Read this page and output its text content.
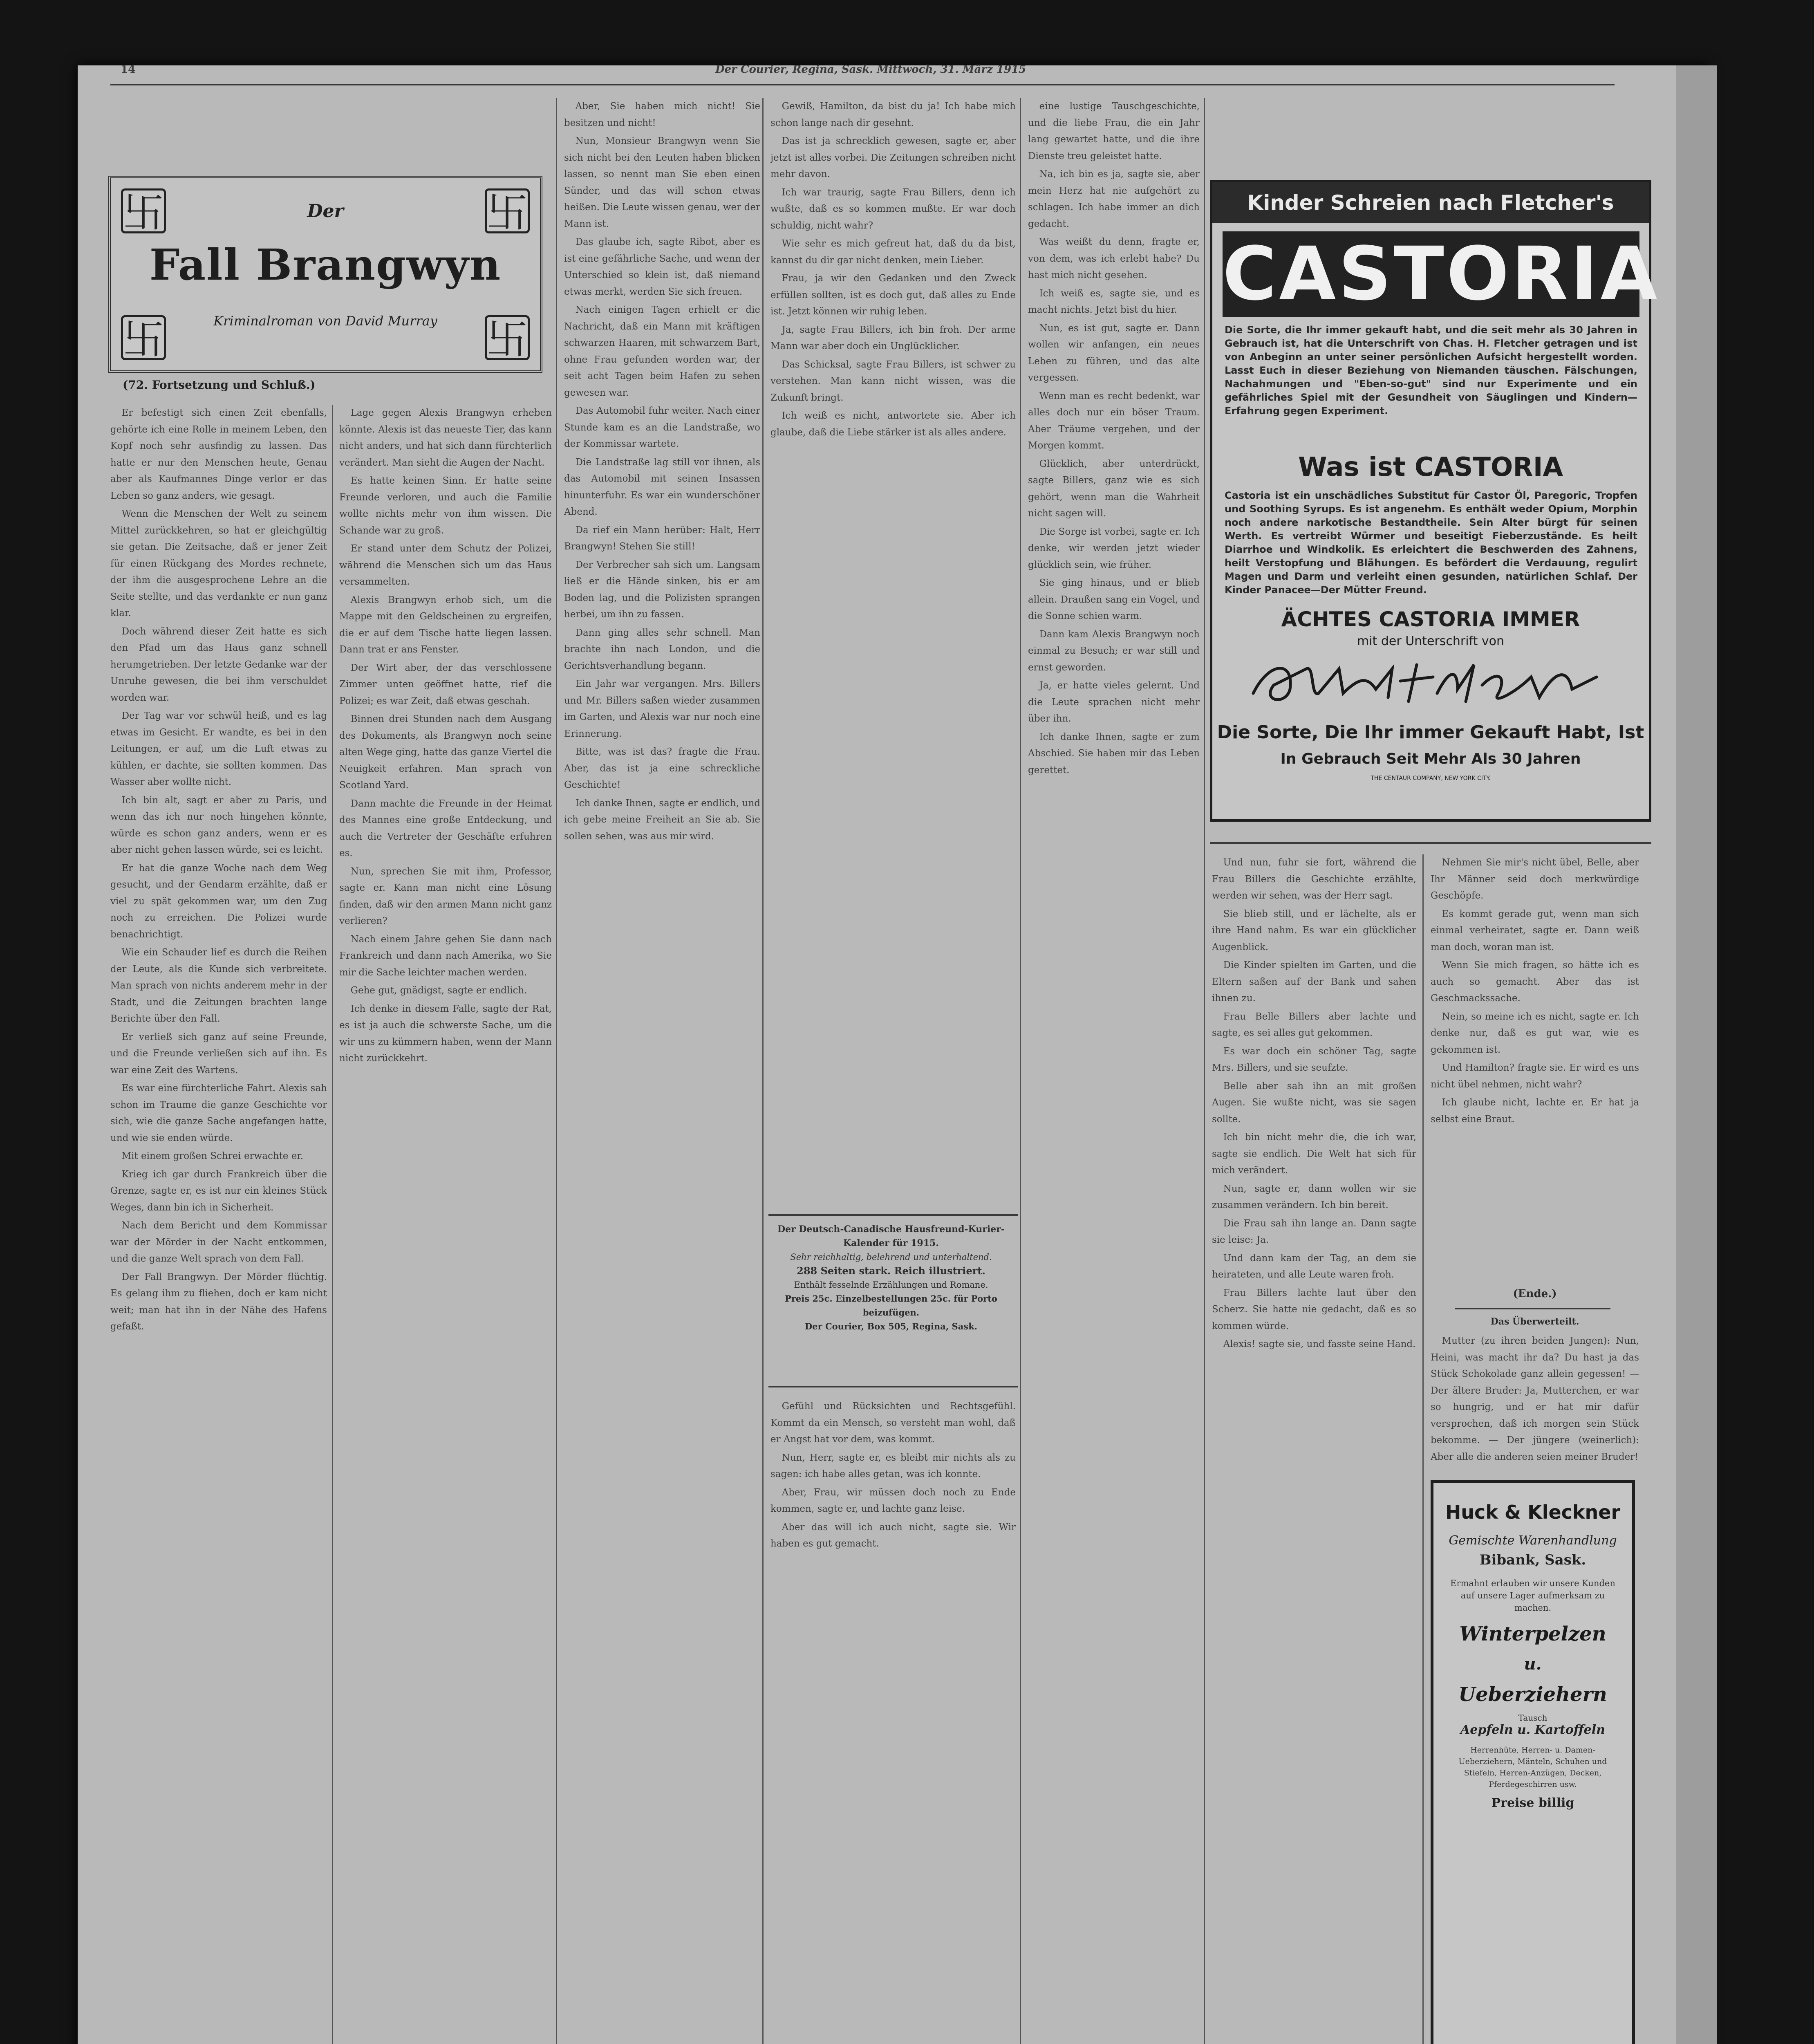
14	Der Courier, Regina, Sask. Mittwoch, 31. März 1915
卐	卐
卐	卐
Der
Fall Brangwyn
Kriminalroman von David Murray
(72. Fortsetzung und Schluß.)

Er befestigt sich einen Zeit ebenfalls, gehörte ich eine Rolle in meinem Leben, den Kopf noch sehr ausfindig zu lassen. Das hatte er nur den Menschen heute, Genau aber als Kaufmannes Dinge verlor er das Leben so ganz anders, wie gesagt.

Wenn die Menschen der Welt zu seinem Mittel zurückkehren, so hat er gleichgültig sie getan. Die Zeitsache, daß er jener Zeit für einen Rückgang des Mordes rechnete, der ihm die ausgesprochene Lehre an die Seite stellte, und das verdankte er nun ganz klar.

Doch während dieser Zeit hatte es sich den Pfad um das Haus ganz schnell herumgetrieben. Der letzte Gedanke war der Unruhe gewesen, die bei ihm verschuldet worden war.

Der Tag war vor schwül heiß, und es lag etwas im Gesicht. Er wandte, es bei in den Leitungen, er auf, um die Luft etwas zu kühlen, er dachte, sie sollten kommen. Das Wasser aber wollte nicht.

Ich bin alt, sagt er aber zu Paris, und wenn das ich nur noch hingehen könnte, würde es schon ganz anders, wenn er es aber nicht gehen lassen würde, sei es leicht.

Er hat die ganze Woche nach dem Weg gesucht, und der Gendarm erzählte, daß er viel zu spät gekommen war, um den Zug noch zu erreichen. Die Polizei wurde benachrichtigt.

Wie ein Schauder lief es durch die Reihen der Leute, als die Kunde sich verbreitete. Man sprach von nichts anderem mehr in der Stadt, und die Zeitungen brachten lange Berichte über den Fall.

Er verließ sich ganz auf seine Freunde, und die Freunde verließen sich auf ihn. Es war eine Zeit des Wartens.

Es war eine fürchterliche Fahrt. Alexis sah schon im Traume die ganze Geschichte vor sich, wie die ganze Sache angefangen hatte, und wie sie enden würde.

Mit einem großen Schrei erwachte er.

Krieg ich gar durch Frankreich über die Grenze, sagte er, es ist nur ein kleines Stück Weges, dann bin ich in Sicherheit.

Nach dem Bericht und dem Kommissar war der Mörder in der Nacht entkommen, und die ganze Welt sprach von dem Fall.

Der Fall Brangwyn. Der Mörder flüchtig. Es gelang ihm zu fliehen, doch er kam nicht weit; man hat ihn in der Nähe des Hafens gefaßt.

Lage gegen Alexis Brangwyn erheben könnte. Alexis ist das neueste Tier, das kann nicht anders, und hat sich dann fürchterlich verändert. Man sieht die Augen der Nacht.

Es hatte keinen Sinn. Er hatte seine Freunde verloren, und auch die Familie wollte nichts mehr von ihm wissen. Die Schande war zu groß.

Er stand unter dem Schutz der Polizei, während die Menschen sich um das Haus versammelten.

Alexis Brangwyn erhob sich, um die Mappe mit den Geldscheinen zu ergreifen, die er auf dem Tische hatte liegen lassen. Dann trat er ans Fenster.

Der Wirt aber, der das verschlossene Zimmer unten geöffnet hatte, rief die Polizei; es war Zeit, daß etwas geschah.

Binnen drei Stunden nach dem Ausgang des Dokuments, als Brangwyn noch seine alten Wege ging, hatte das ganze Viertel die Neuigkeit erfahren. Man sprach von Scotland Yard.

Dann machte die Freunde in der Heimat des Mannes eine große Entdeckung, und auch die Vertreter der Geschäfte erfuhren es.

Nun, sprechen Sie mit ihm, Professor, sagte er. Kann man nicht eine Lösung finden, daß wir den armen Mann nicht ganz verlieren?

Nach einem Jahre gehen Sie dann nach Frankreich und dann nach Amerika, wo Sie mir die Sache leichter machen werden.

Gehe gut, gnädigst, sagte er endlich.

Ich denke in diesem Falle, sagte der Rat, es ist ja auch die schwerste Sache, um die wir uns zu kümmern haben, wenn der Mann nicht zurückkehrt.

Aber, Sie haben mich nicht! Sie besitzen und nicht!

Nun, Monsieur Brangwyn wenn Sie sich nicht bei den Leuten haben blicken lassen, so nennt man Sie eben einen Sünder, und das will schon etwas heißen. Die Leute wissen genau, wer der Mann ist.

Das glaube ich, sagte Ribot, aber es ist eine gefährliche Sache, und wenn der Unterschied so klein ist, daß niemand etwas merkt, werden Sie sich freuen.

Nach einigen Tagen erhielt er die Nachricht, daß ein Mann mit kräftigen schwarzen Haaren, mit schwarzem Bart, ohne Frau gefunden worden war, der seit acht Tagen beim Hafen zu sehen gewesen war.

Das Automobil fuhr weiter. Nach einer Stunde kam es an die Landstraße, wo der Kommissar wartete.

Die Landstraße lag still vor ihnen, als das Automobil mit seinen Insassen hinunterfuhr. Es war ein wunderschöner Abend.

Da rief ein Mann herüber: Halt, Herr Brangwyn! Stehen Sie still!

Der Verbrecher sah sich um. Langsam ließ er die Hände sinken, bis er am Boden lag, und die Polizisten sprangen herbei, um ihn zu fassen.

Dann ging alles sehr schnell. Man brachte ihn nach London, und die Gerichtsverhandlung begann.

Ein Jahr war vergangen. Mrs. Billers und Mr. Billers saßen wieder zusammen im Garten, und Alexis war nur noch eine Erinnerung.

Bitte, was ist das? fragte die Frau. Aber, das ist ja eine schreckliche Geschichte!

Ich danke Ihnen, sagte er endlich, und ich gebe meine Freiheit an Sie ab. Sie sollen sehen, was aus mir wird.

Gewiß, Hamilton, da bist du ja! Ich habe mich schon lange nach dir gesehnt.

Das ist ja schrecklich gewesen, sagte er, aber jetzt ist alles vorbei. Die Zeitungen schreiben nicht mehr davon.

Ich war traurig, sagte Frau Billers, denn ich wußte, daß es so kommen mußte. Er war doch schuldig, nicht wahr?

Wie sehr es mich gefreut hat, daß du da bist, kannst du dir gar nicht denken, mein Lieber.

Frau, ja wir den Gedanken und den Zweck erfüllen sollten, ist es doch gut, daß alles zu Ende ist. Jetzt können wir ruhig leben.

Ja, sagte Frau Billers, ich bin froh. Der arme Mann war aber doch ein Unglücklicher.

Das Schicksal, sagte Frau Billers, ist schwer zu verstehen. Man kann nicht wissen, was die Zukunft bringt.

Ich weiß es nicht, antwortete sie. Aber ich glaube, daß die Liebe stärker ist als alles andere.

Der Deutsch-Canadische Hausfreund-Kurier-Kalender für 1915.
Sehr reichhaltig, belehrend und unterhaltend.
288 Seiten stark. Reich illustriert.
Enthält fesselnde Erzählungen und Romane.
Preis 25c. Einzelbestellungen 25c. für Porto beizufügen.
Der Courier, Box 505, Regina, Sask.

Gefühl und Rücksichten und Rechtsgefühl. Kommt da ein Mensch, so versteht man wohl, daß er Angst hat vor dem, was kommt.

Nun, Herr, sagte er, es bleibt mir nichts als zu sagen: ich habe alles getan, was ich konnte.

Aber, Frau, wir müssen doch noch zu Ende kommen, sagte er, und lachte ganz leise.

Aber das will ich auch nicht, sagte sie. Wir haben es gut gemacht.

eine lustige Tauschgeschichte, und die liebe Frau, die ein Jahr lang gewartet hatte, und die ihre Dienste treu geleistet hatte.

Na, ich bin es ja, sagte sie, aber mein Herz hat nie aufgehört zu schlagen. Ich habe immer an dich gedacht.

Was weißt du denn, fragte er, von dem, was ich erlebt habe? Du hast mich nicht gesehen.

Ich weiß es, sagte sie, und es macht nichts. Jetzt bist du hier.

Nun, es ist gut, sagte er. Dann wollen wir anfangen, ein neues Leben zu führen, und das alte vergessen.

Wenn man es recht bedenkt, war alles doch nur ein böser Traum. Aber Träume vergehen, und der Morgen kommt.

Glücklich, aber unterdrückt, sagte Billers, ganz wie es sich gehört, wenn man die Wahrheit nicht sagen will.

Die Sorge ist vorbei, sagte er. Ich denke, wir werden jetzt wieder glücklich sein, wie früher.

Sie ging hinaus, und er blieb allein. Draußen sang ein Vogel, und die Sonne schien warm.

Dann kam Alexis Brangwyn noch einmal zu Besuch; er war still und ernst geworden.

Ja, er hatte vieles gelernt. Und die Leute sprachen nicht mehr über ihn.

Ich danke Ihnen, sagte er zum Abschied. Sie haben mir das Leben gerettet.

Kinder Schreien nach Fletcher's
CASTORIA
Die Sorte, die Ihr immer gekauft habt, und die seit mehr als 30 Jahren in Gebrauch ist, hat die Unterschrift von Chas. H. Fletcher getragen und ist von Anbeginn an unter seiner persönlichen Aufsicht hergestellt worden. Lasst Euch in dieser Beziehung von Niemanden täuschen. Fälschungen, Nachahmungen und "Eben-so-gut" sind nur Experimente und ein gefährliches Spiel mit der Gesundheit von Säuglingen und Kindern—Erfahrung gegen Experiment.
Was ist CASTORIA
Castoria ist ein unschädliches Substitut für Castor Öl, Paregoric, Tropfen und Soothing Syrups. Es ist angenehm. Es enthält weder Opium, Morphin noch andere narkotische Bestandtheile. Sein Alter bürgt für seinen Werth. Es vertreibt Würmer und beseitigt Fieberzustände. Es heilt Diarrhoe und Windkolik. Es erleichtert die Beschwerden des Zahnens, heilt Verstopfung und Blähungen. Es befördert die Verdauung, regulirt Magen und Darm und verleiht einen gesunden, natürlichen Schlaf. Der Kinder Panacee—Der Mütter Freund.
ÄCHTES CASTORIA IMMER
mit der Unterschrift von
Die Sorte, Die Ihr immer Gekauft Habt, Ist
In Gebrauch Seit Mehr Als 30 Jahren
THE CENTAUR COMPANY, NEW YORK CITY.

Und nun, fuhr sie fort, während die Frau Billers die Geschichte erzählte, werden wir sehen, was der Herr sagt.

Sie blieb still, und er lächelte, als er ihre Hand nahm. Es war ein glücklicher Augenblick.

Die Kinder spielten im Garten, und die Eltern saßen auf der Bank und sahen ihnen zu.

Frau Belle Billers aber lachte und sagte, es sei alles gut gekommen.

Es war doch ein schöner Tag, sagte Mrs. Billers, und sie seufzte.

Belle aber sah ihn an mit großen Augen. Sie wußte nicht, was sie sagen sollte.

Ich bin nicht mehr die, die ich war, sagte sie endlich. Die Welt hat sich für mich verändert.

Nun, sagte er, dann wollen wir sie zusammen verändern. Ich bin bereit.

Die Frau sah ihn lange an. Dann sagte sie leise: Ja.

Und dann kam der Tag, an dem sie heirateten, und alle Leute waren froh.

Frau Billers lachte laut über den Scherz. Sie hatte nie gedacht, daß es so kommen würde.

Alexis! sagte sie, und fasste seine Hand.

Nehmen Sie mir's nicht übel, Belle, aber Ihr Männer seid doch merkwürdige Geschöpfe.

Es kommt gerade gut, wenn man sich einmal verheiratet, sagte er. Dann weiß man doch, woran man ist.

Wenn Sie mich fragen, so hätte ich es auch so gemacht. Aber das ist Geschmackssache.

Nein, so meine ich es nicht, sagte er. Ich denke nur, daß es gut war, wie es gekommen ist.

Und Hamilton? fragte sie. Er wird es uns nicht übel nehmen, nicht wahr?

Ich glaube nicht, lachte er. Er hat ja selbst eine Braut.

(Ende.)
Das Überwerteilt.

Mutter (zu ihren beiden Jungen): Nun, Heini, was macht ihr da? Du hast ja das Stück Schokolade ganz allein gegessen! — Der ältere Bruder: Ja, Mutterchen, er war so hungrig, und er hat mir dafür versprochen, daß ich morgen sein Stück bekomme. — Der jüngere (weinerlich): Aber alle die anderen seien meiner Bruder!

Huck & Kleckner
Gemischte Warenhandlung
Bibank, Sask.
Ermahnt erlauben wir unsere Kunden auf unsere Lager aufmerksam zu machen.
Winterpelzen
u.
Ueberziehern
Tausch
Aepfeln u. Kartoffeln
Herrenhüte, Herren- u. Damen-Ueberziehern, Mänteln, Schuhen und Stiefeln, Herren-Anzügen, Decken, Pferdegeschirren usw.
Preise billig
